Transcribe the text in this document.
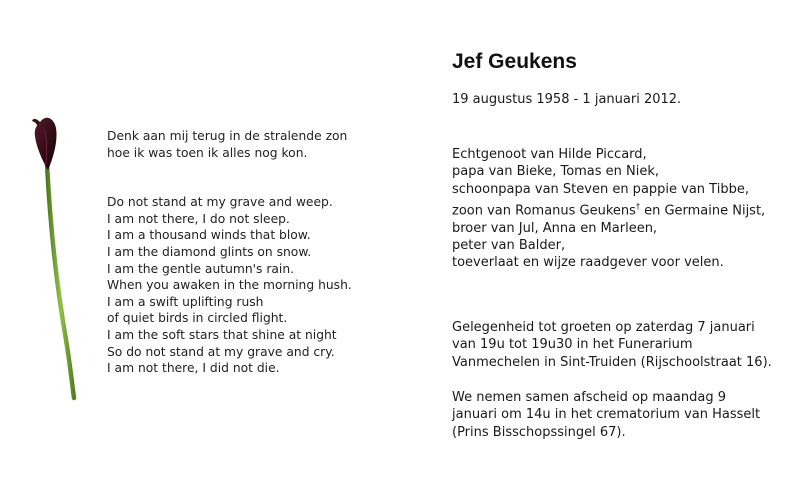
Denk aan mij terug in de stralende zon
hoe ik was toen ik alles nog kon.
Do not stand at my grave and weep.
I am not there, I do not sleep.
I am a thousand winds that blow.
I am the diamond glints on snow.
I am the gentle autumn's rain.
When you awaken in the morning hush.
I am a swift uplifting rush
of quiet birds in circled flight.
I am the soft stars that shine at night
So do not stand at my grave and cry.
I am not there, I did not die.
Jef Geukens
19 augustus 1958 - 1 januari 2012.
Echtgenoot van Hilde Piccard,
papa van Bieke, Tomas en Niek,
schoonpapa van Steven en pappie van Tibbe,
zoon van Romanus Geukens† en Germaine Nijst,
broer van Jul, Anna en Marleen,
peter van Balder,
toeverlaat en wijze raadgever voor velen.
Gelegenheid tot groeten op zaterdag 7 januari
van 19u tot 19u30 in het Funerarium
Vanmechelen in Sint-Truiden (Rijschoolstraat 16).
We nemen samen afscheid op maandag 9
januari om 14u in het crematorium van Hasselt
(Prins Bisschopssingel 67).
